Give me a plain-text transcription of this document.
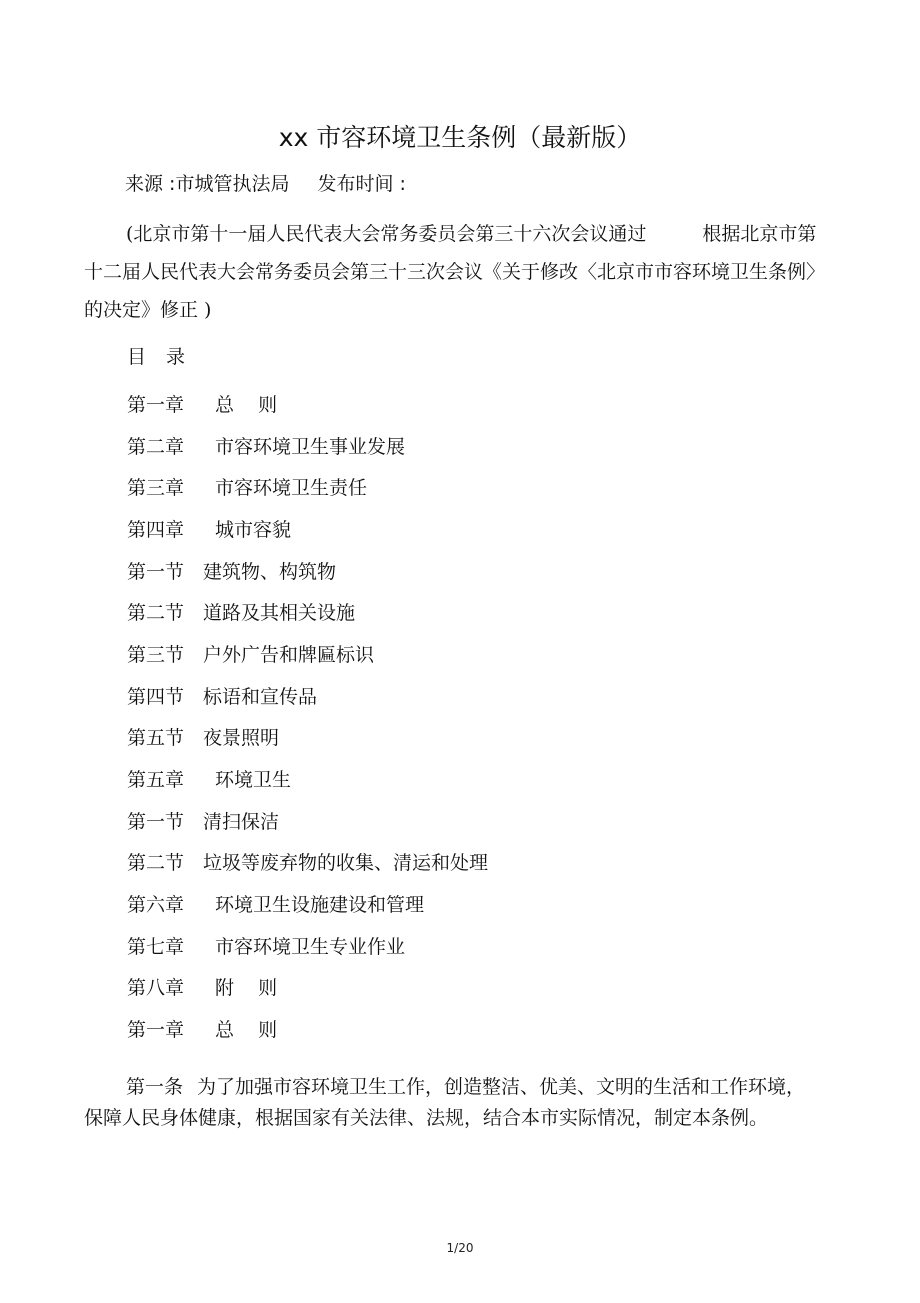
xx 市容环境卫生条例（最新版）
来源 :市城管执法局 发布时间 :
(北京市第十一届人民代表大会常务委员会第三十六次会议通过	根据北京市第十二届人民代表大会常务委员会第三十三次会议《关于修改〈北京市市容环境卫生条例〉的决定》修正 )
目 录
第一章 总    则
第二章 市容环境卫生事业发展
第三章 市容环境卫生责任
第四章 城市容貌
第一节 建筑物、构筑物
第二节 道路及其相关设施
第三节 户外广告和牌匾标识
第四节 标语和宣传品
第五节 夜景照明
第五章 环境卫生
第一节 清扫保洁
第二节 垃圾等废弃物的收集、清运和处理
第六章 环境卫生设施建设和管理
第七章 市容环境卫生专业作业
第八章 附    则
第一章 总    则
第一条 为了加强市容环境卫生工作，创造整洁、优美、文明的生活和工作环境，保障人民身体健康，根据国家有关法律、法规，结合本市实际情况，制定本条例。
1/20
